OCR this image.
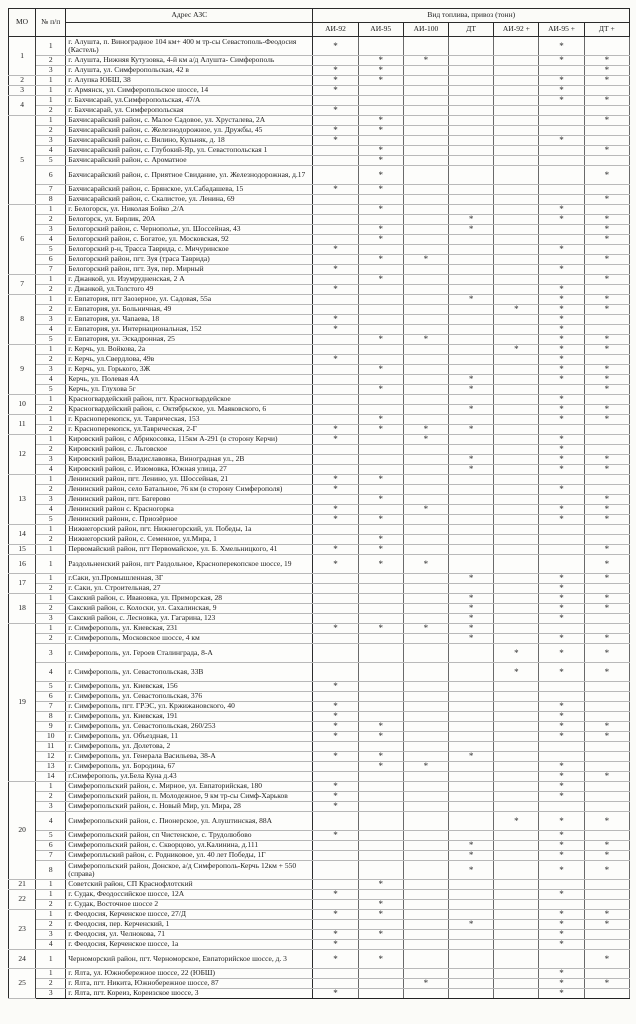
МО	№ п/п	Адрес АЗС	Вид топлива, привоз (тонн)						
			АИ-92	АИ-95	АИ-100	ДТ	АИ-92 +	АИ-95 +	ДТ +
1	1	г. Алушта, п. Виноградное 104 км+ 400 м тр-сы Севастополь-Феодосия (Кастель)	*					*	
	2	г. Алушта, Нижняя Кутузовка, 4-й км а/д Алушта- Симферополь		*	*			*	*
	3	г. Алушта, ул. Симферопольская, 42 в	*	*					*
2	1	г. Алупка ЮБШ, 38	*	*				*	*
3	1	г. Армянск, ул. Симферопольское шоссе, 14	*					*	
4	1	г. Бахчисарай, ул.Симферопольская, 47/А						*	*
	2	г. Бахчисарай, ул. Симферопольская	*						
5	1	Бахчисарайский район, с. Малое Садовое, ул. Хрусталева, 2А		*					*
	2	Бахчисарайский район, с. Железнодорожное, ул. Дружбы, 45	*	*					
	3	Бахчисарайский район, с. Вилино, Кульняк, д. 18	*					*	
	4	Бахчисарайский район, с. Глубокий-Яр, ул. Севастопольская 1		*					*
	5	Бахчисарайский район, с. Ароматное		*					
	6	Бахчисарайский район, с. Приятное Свидание, ул. Железнодорожная, д.17		*					*
	7	Бахчисарайский район, с. Брянское, ул.Сабадашева, 15	*	*					
	8	Бахчисарайский район, с. Скалистое, ул. Ленина, 69							*
6	1	г. Белогорск, ул. Николая Бойко ,2/А		*				*	
	2	Белогорск, ул. Бирлик, 20А				*		*	*
	3	Белогорский район, с. Чернополье, ул. Шоссейная, 43		*		*			*
	4	Белогорский район, с. Богатое, ул. Московская, 92		*					*
	5	Белогорский р-н, Трасса Таврида, с. Мичуринское	*					*	
	6	Белогорский район, пгт. Зуя (траса Таврида)		*	*				*
	7	Белогорский район, пгт. Зуя, пер. Мирный	*					*	
7	1	г. Джанкой, ул. Изумрудненская, 2 А		*					*
	2	г. Джанкой, ул.Толстого 49	*					*	
8	1	г. Евпатория, пгт Заозерное, ул. Садовая, 55а				*		*	*
	2	г. Евпатория, ул. Больничная, 49					*	*	*
	3	г. Евпатория, ул. Чапаева, 18	*					*	
	4	г. Евпатория, ул. Интернациональная, 152	*					*	
	5	г. Евпатория, ул. Эскадронная, 25		*	*			*	*
9	1	г. Керчь, ул. Войкова, 2а					*	*	*
	2	г. Керчь, ул.Свердлова, 49в	*					*	
	3	г. Керчь, ул. Горького, 3Ж		*				*	*
	4	Керчь, ул. Полевая 4А				*		*	*
	5	Керчь, ул. Глухова 5г		*		*			*
10	1	Красногвардейский район, пгт. Красногвардейское						*	
	2	Красногвардейский район, с. Октябрьское, ул. Маяковского, 6				*		*	*
11	1	г. Красноперекопск, ул. Таврическая, 153		*				*	*
	2	г. Красноперекопск, ул.Таврическая, 2-Г	*	*	*	*			
12	1	Кировский район, с Абрикосовка, 115км А-291 (в сторону Керчи)	*		*			*	
	2	Кировский район, с. Льговское						*	
	3	Кировский район, Владиславовка, Виноградная ул., 2В				*		*	*
	4	Кировский район, с. Изюмовка, Южная улица, 27				*		*	*
13	1	Ленинский район, пгт. Ленино, ул. Шоссейная, 21	*	*					
	2	Ленинский район, село Батальное, 76 км (в сторону Симферополя)	*					*	
	3	Ленинский район, пгт. Багерово		*					*
	4	Ленинский район с. Красногорка	*		*			*	*
	5	Ленинский районн, с. Приозёрное	*	*				*	*
14	1	Нижнегорский район, пгт. Нижнегорский, ул. Победы, 1а							
	2	Нижнегорский район, с. Семенное, ул.Мира, 1		*					
15	1	Первомайский район, пгт Первомайское, ул. Б. Хмельницкого, 41	*	*					*
16	1	Раздольненский район, пгт Раздольное, Красноперекопское шоссе, 19	*	*	*				*
17	1	г.Саки, ул.Промышленная, 3Г				*		*	*
	2	г. Саки, ул. Строительная, 27						*	
18	1	Сакский район, с. Ивановка, ул. Приморская, 28				*		*	*
	2	Сакский район, с. Колоски, ул. Сахалинская, 9				*		*	*
	3	Сакский район, с. Лесновка, ул. Гагарина, 123				*		*	
19	1	г. Симферополь, ул. Киевская, 231	*	*	*	*			
	2	г. Симферополь, Московское шоссе, 4 км				*		*	*
	3	г. Симферополь, ул. Героев Сталинграда, 8-А					*	*	*
	4	г. Симферополь, ул. Севастопольская, 33В					*	*	*
	5	г. Симферополь, ул. Киевская, 156	*						
	6	г. Симферополь, ул. Севастопольская, 376							
	7	г. Симферополь, пгт. ГРЭС, ул. Кржижановского, 40	*					*	
	8	г. Симферополь, ул. Киевская, 191	*					*	
	9	г. Симферополь, ул. Севастопольская, 260/253	*	*				*	*
	10	г. Симферополь, ул. Объездная, 11	*	*				*	*
	11	г. Симферополь, ул. Долетова, 2							
	12	г. Симферополь, ул. Генерала Васильева, 38-А	*	*		*			
	13	г. Симферополь, ул. Бородина, 67		*	*			*	
	14	г.Симферополь, ул.Бела Куна д.43						*	*
20	1	Симферопольский район, с. Мирное, ул. Евпаторийская, 180	*					*	
	2	Симферопольский район, п. Молодежное, 9 км тр-сы Симф-Харьков	*					*	
	3	Симферопольский район, с. Новый Мир, ул. Мира, 28	*						
	4	Симферопольский район, с. Пионерское, ул. Алуштинская, 88А					*	*	*
	5	Симферопольский район, сп Чистенское, с. Трудолюбово	*					*	
	6	Симферопольский район, с. Скворцово, ул.Калинина, д.111				*		*	*
	7	Симферопльский район, с. Родниковое, ул. 40 лет Победы, 1Г				*		*	*
	8	Симферопольский район, Донское, а/д Симферополь-Керчь 12км + 550 (справа)				*		*	*
21	1	Советский район, СП Краснофлотский		*					
22	1	г. Судак, Феодоссийское шоссе, 12А	*					*	
	2	г. Судак, Восточное шоссе 2		*					
23	1	г. Феодосия, Керченское шоссе, 27/Д	*	*				*	*
	2	г. Феодосия, пер. Керченский, 1				*		*	*
	3	г. Феодосия, ул. Челнокова, 71	*	*				*	
	4	г. Феодосия, Керченское шоссе, 1а	*					*	
24	1	Черноморский район, пгт. Черноморское, Евпаторийское шоссе, д. 3	*	*					*
25	1	г. Ялта, ул. Южнобережное шоссе, 22 (ЮБШ)						*	
	2	г. Ялта, пгт. Никита, Южнобережное шоссе, 87			*			*	*
	3	г. Ялта, пгт. Кореиз, Кореизское шоссе, 3	*					*	
